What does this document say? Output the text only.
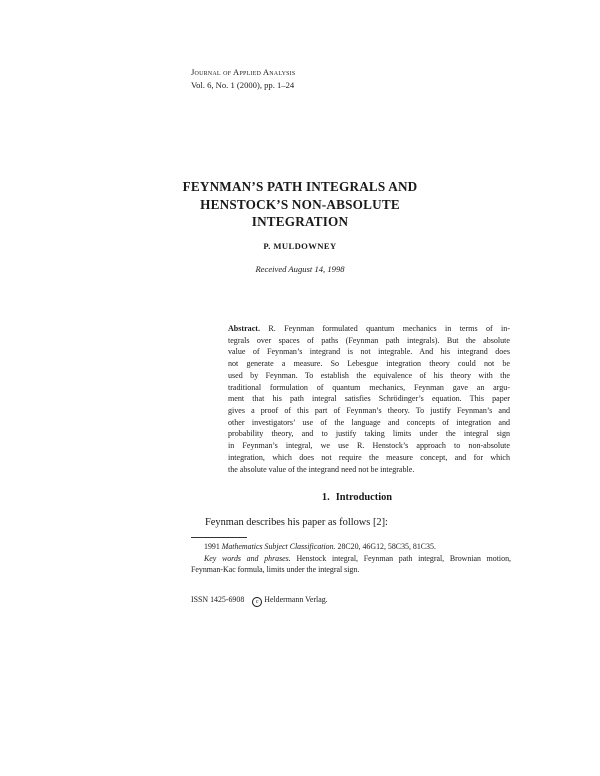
Journal of Applied Analysis
Vol. 6, No. 1 (2000), pp. 1–24
FEYNMAN’S PATH INTEGRALS AND
HENSTOCK’S NON-ABSOLUTE
INTEGRATION
P. MULDOWNEY
Received August 14, 1998
Abstract. R. Feynman formulated quantum mechanics in terms of in-
tegrals over spaces of paths (Feynman path integrals). But the absolute
value of Feynman’s integrand is not integrable. And his integrand does
not generate a measure. So Lebesgue integration theory could not be
used by Feynman. To establish the equivalence of his theory with the
traditional formulation of quantum mechanics, Feynman gave an argu-
ment that his path integral satisfies Schrödinger’s equation. This paper
gives a proof of this part of Feynman’s theory. To justify Feynman’s and
other investigators’ use of the language and concepts of integration and
probability theory, and to justify taking limits under the integral sign
in Feynman’s integral, we use R. Henstock’s approach to non-absolute
integration, which does not require the measure concept, and for which
the absolute value of the integrand need not be integrable.
1. Introduction
Feynman describes his paper as follows [2]:
1991 Mathematics Subject Classification. 28C20, 46G12, 58C35, 81C35.
Key words and phrases. Henstock integral, Feynman path integral, Brownian motion,
Feynman-Kac formula, limits under the integral sign.
ISSN 1425-6908 c Heldermann Verlag.
